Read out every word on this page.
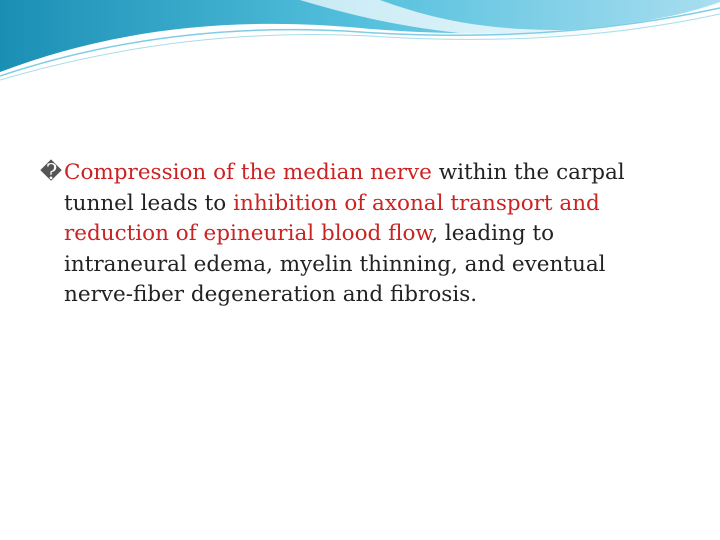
�Compression of the median nerve within the carpal tunnel leads to inhibition of axonal transport and reduction of epineurial blood flow, leading to intraneural edema, myelin thinning, and eventual nerve-fiber degeneration and fibrosis.
